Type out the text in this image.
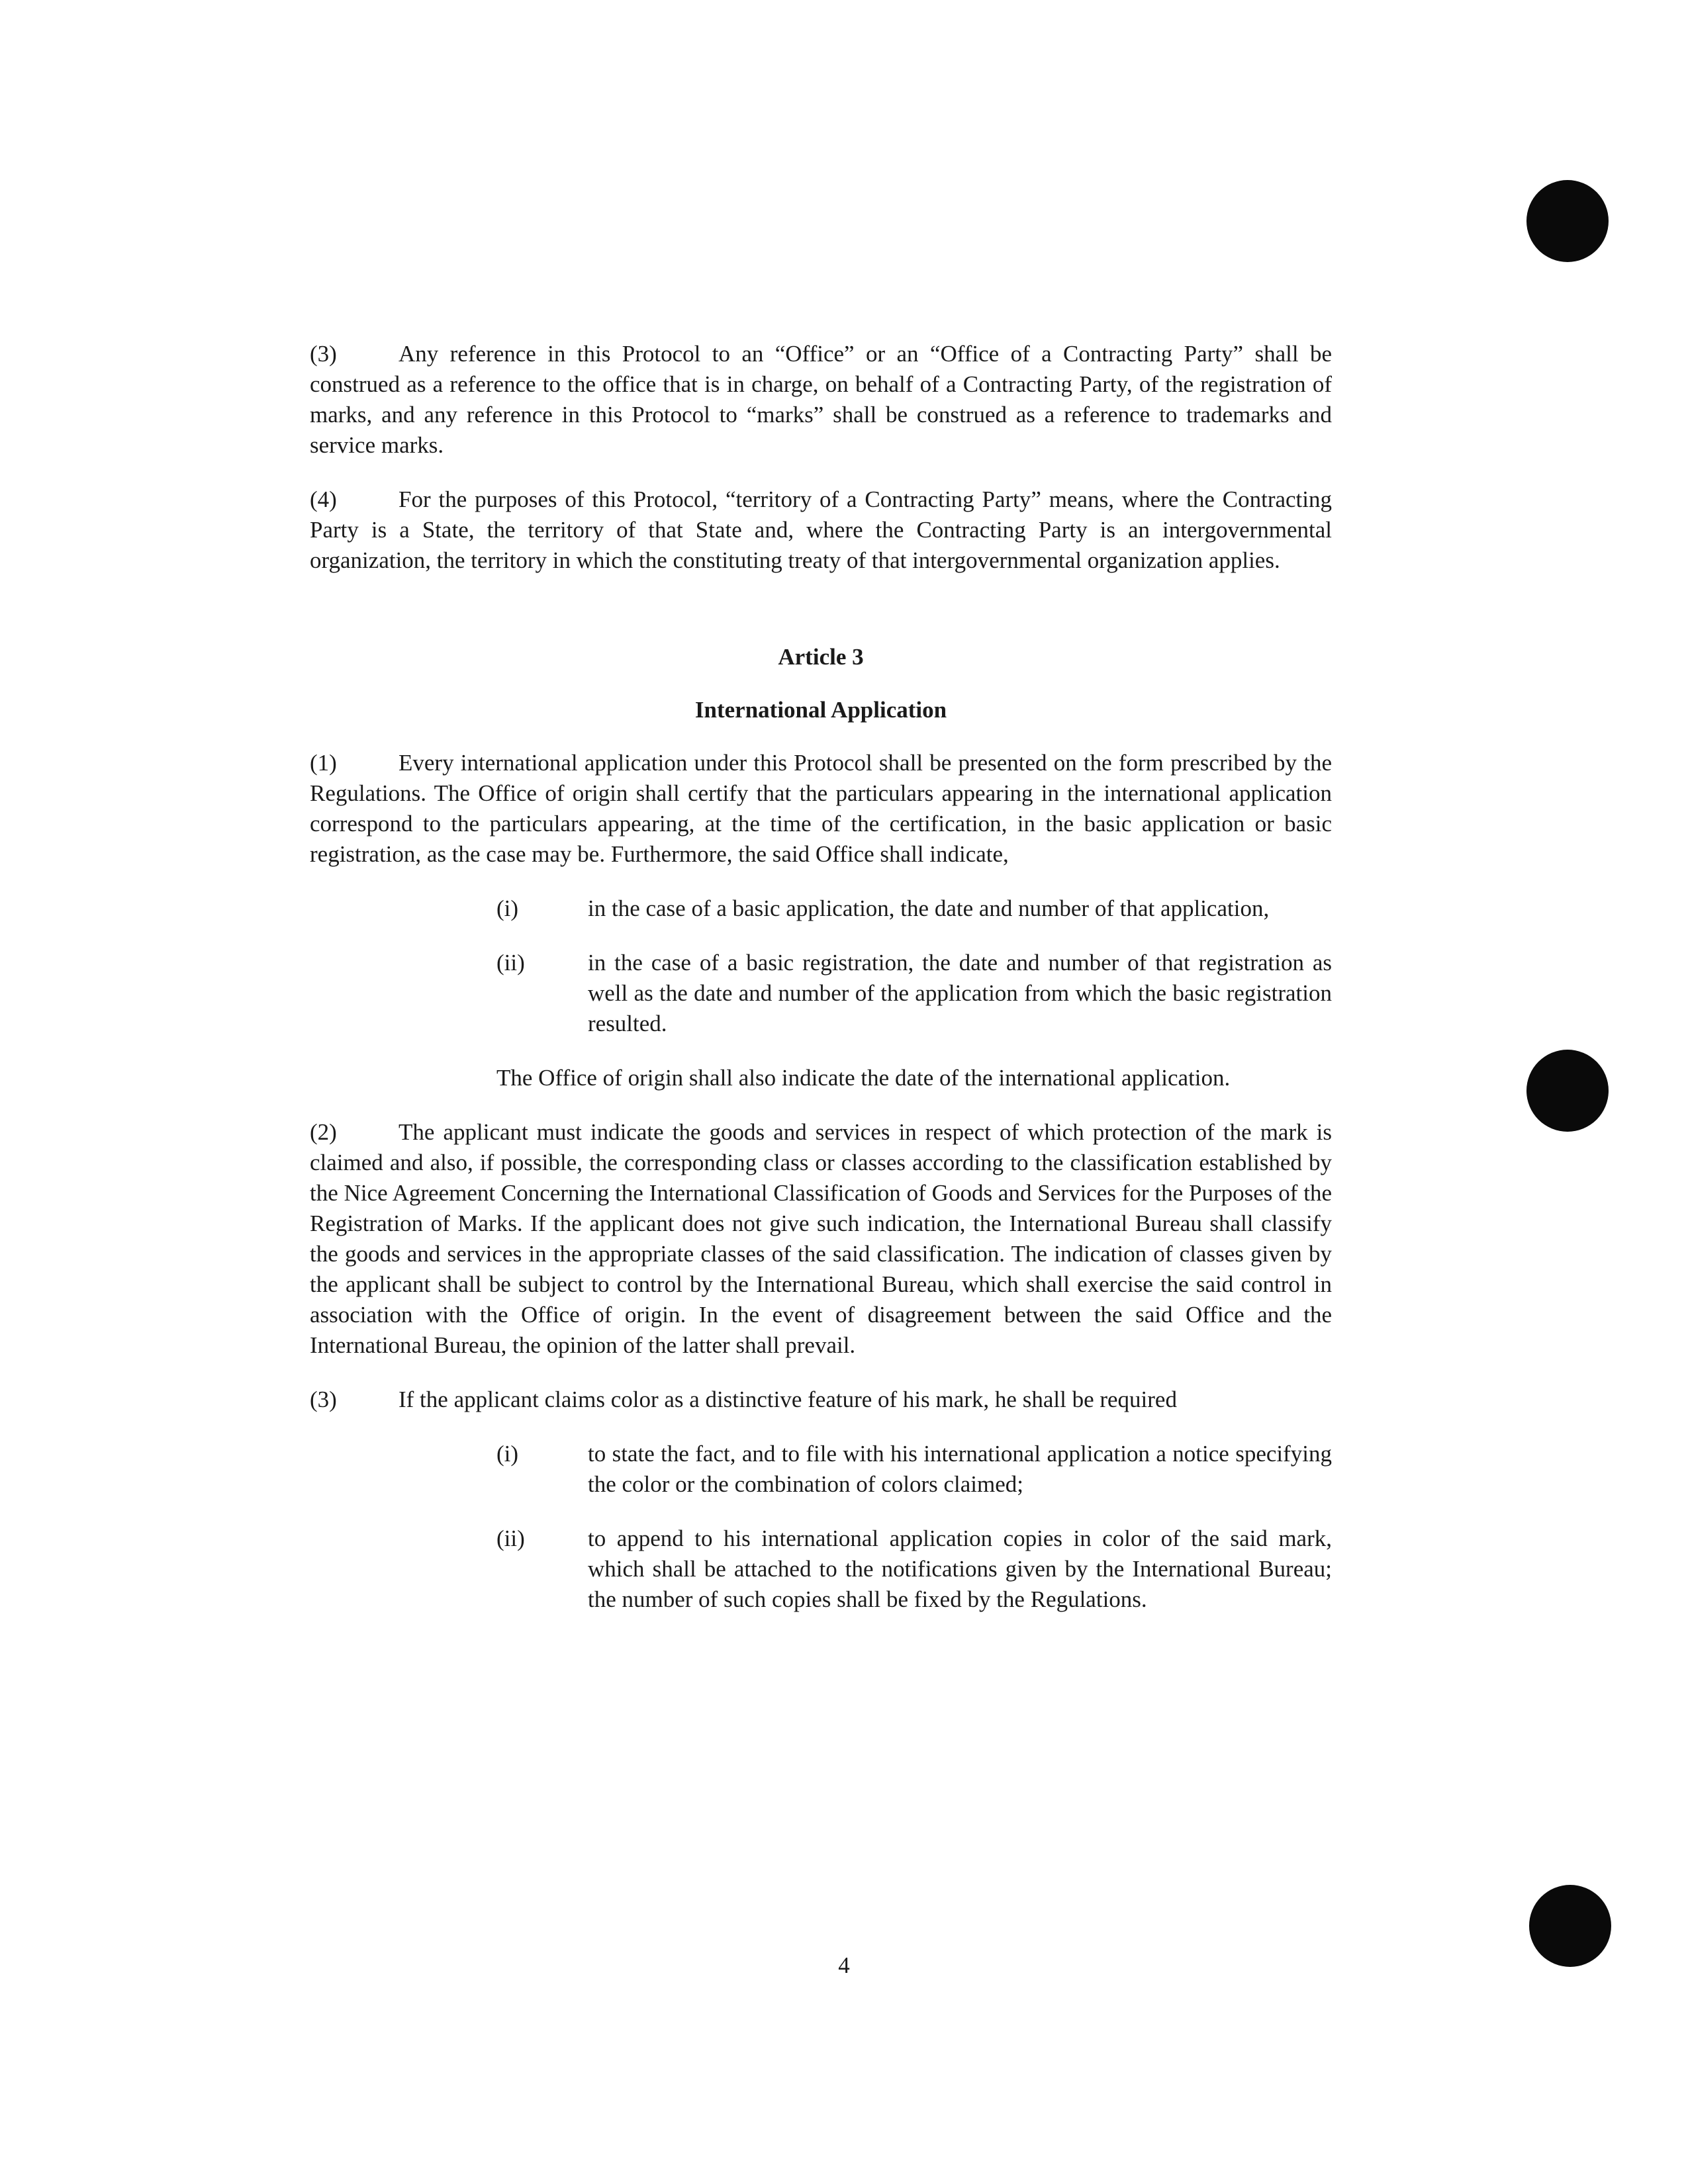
(3)	Any reference in this Protocol to an “Office” or an “Office of a Contracting Party” shall be construed as a reference to the office that is in charge, on behalf of a Contracting Party, of the registration of marks, and any reference in this Protocol to “marks” shall be construed as a reference to trademarks and service marks.

(4)	For the purposes of this Protocol, “territory of a Contracting Party” means, where the Contracting Party is a State, the territory of that State and, where the Contracting Party is an intergovernmental organization, the territory in which the constituting treaty of that intergovernmental organization applies.

Article 3

International Application

(1)	Every international application under this Protocol shall be presented on the form prescribed by the Regulations. The Office of origin shall certify that the particulars appearing in the international application correspond to the particulars appearing, at the time of the certification, in the basic application or basic registration, as the case may be. Furthermore, the said Office shall indicate,

(i)	in the case of a basic application, the date and number of that application,
(ii)	in the case of a basic registration, the date and number of that registration as well as the date and number of the application from which the basic registration resulted.

The Office of origin shall also indicate the date of the international application.

(2)	The applicant must indicate the goods and services in respect of which protection of the mark is claimed and also, if possible, the corresponding class or classes according to the classification established by the Nice Agreement Concerning the International Classification of Goods and Services for the Purposes of the Registration of Marks. If the applicant does not give such indication, the International Bureau shall classify the goods and services in the appropriate classes of the said classification. The indication of classes given by the applicant shall be subject to control by the International Bureau, which shall exercise the said control in association with the Office of origin. In the event of disagreement between the said Office and the International Bureau, the opinion of the latter shall prevail.

(3)	If the applicant claims color as a distinctive feature of his mark, he shall be required

(i)	to state the fact, and to file with his international application a notice specifying the color or the combination of colors claimed;
(ii)	to append to his international application copies in color of the said mark, which shall be attached to the notifications given by the International Bureau; the number of such copies shall be fixed by the Regulations.
4
